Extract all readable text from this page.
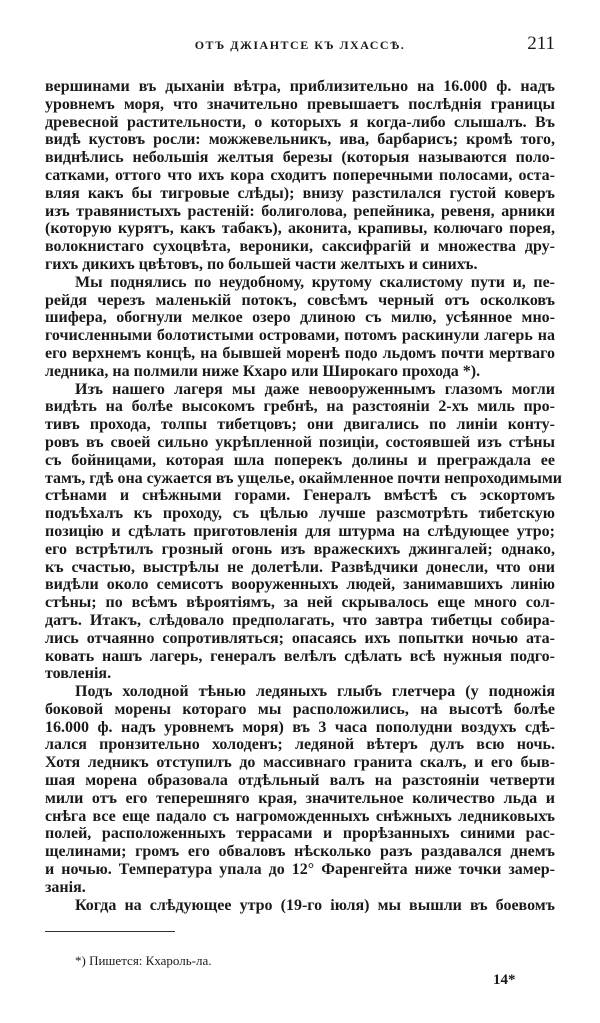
ОТЪ ДЖIАНТСЕ КЪ ЛХАССѢ.	211
вершинами въ дыханіи вѣтра, приблизительно на 16.000 ф. надъ
уровнемъ моря, что значительно превышаетъ послѣднія границы
древесной растительности, о которыхъ я когда-либо слышалъ. Въ
видѣ кустовъ росли: можжевельникъ, ива, барбарисъ; кромѣ того,
виднѣлись небольшія желтыя березы (которыя называются поло-
сатками, оттого что ихъ кора сходитъ поперечными полосами, оста-
вляя какъ бы тигровые слѣды); внизу разстилался густой коверъ
изъ травянистыхъ растеній: болиголова, репейника, ревеня, арники
(которую курятъ, какъ табакъ), аконита, крапивы, колючаго порея,
волокнистаго сухоцвѣта, вероники, саксифрагій и множества дру-
гихъ дикихъ цвѣтовъ, по большей части желтыхъ и синихъ.
Мы поднялись по неудобному, крутому скалистому пути и, пе-
рейдя черезъ маленькій потокъ, совсѣмъ черный отъ осколковъ
шифера, обогнули мелкое озеро длиною съ милю, усѣянное мно-
гочисленными болотистыми островами, потомъ раскинули лагерь на
его верхнемъ концѣ, на бывшей моренѣ подо льдомъ почти мертваго
ледника, на полмили ниже Кхаро или Широкаго прохода *).
Изъ нашего лагеря мы даже невооруженнымъ глазомъ могли
видѣть на болѣе высокомъ гребнѣ, на разстояніи 2-хъ миль про-
тивъ прохода, толпы тибетцовъ; они двигались по линіи конту-
ровъ въ своей сильно укрѣпленной позиціи, состоявшей изъ стѣны
съ бойницами, которая шла поперекъ долины и преграждала ее
тамъ, гдѣ она сужается въ ущелье, окаймленное почти непроходимыми
стѣнами и снѣжными горами. Генералъ вмѣстѣ съ эскортомъ
подъѣхалъ къ проходу, съ цѣлью лучше разсмотрѣть тибетскую
позицію и сдѣлать приготовленія для штурма на слѣдующее утро;
его встрѣтилъ грозный огонь изъ вражескихъ джингалей; однако,
къ счастью, выстрѣлы не долетѣли. Развѣдчики донесли, что они
видѣли около семисотъ вооруженныхъ людей, занимавшихъ линію
стѣны; по всѣмъ вѣроятіямъ, за ней скрывалось еще много сол-
датъ. Итакъ, слѣдовало предполагать, что завтра тибетцы собира-
лись отчаянно сопротивляться; опасаясь ихъ попытки ночью ата-
ковать нашъ лагерь, генералъ велѣлъ сдѣлать всѣ нужныя подго-
товленія.
Подъ холодной тѣнью ледяныхъ глыбъ глетчера (у подножія
боковой морены котораго мы расположились, на высотѣ болѣе
16.000 ф. надъ уровнемъ моря) въ 3 часа пополудни воздухъ сдѣ-
лался пронзительно холоденъ; ледяной вѣтеръ дулъ всю ночь.
Хотя ледникъ отступилъ до массивнаго гранита скалъ, и его быв-
шая морена образовала отдѣльный валъ на разстояніи четверти
мили отъ его теперешняго края, значительное количество льда и
снѣга все еще падало съ нагроможденныхъ снѣжныхъ ледниковыхъ
полей, расположенныхъ террасами и прорѣзанныхъ синими рас-
щелинами; громъ его обваловъ нѣсколько разъ раздавался днемъ
и ночью. Температура упала до 12° Фаренгейта ниже точки замер-
занія.
Когда на слѣдующее утро (19-го іюля) мы вышли въ боевомъ
*) Пишется: Кхароль-ла.
14*
